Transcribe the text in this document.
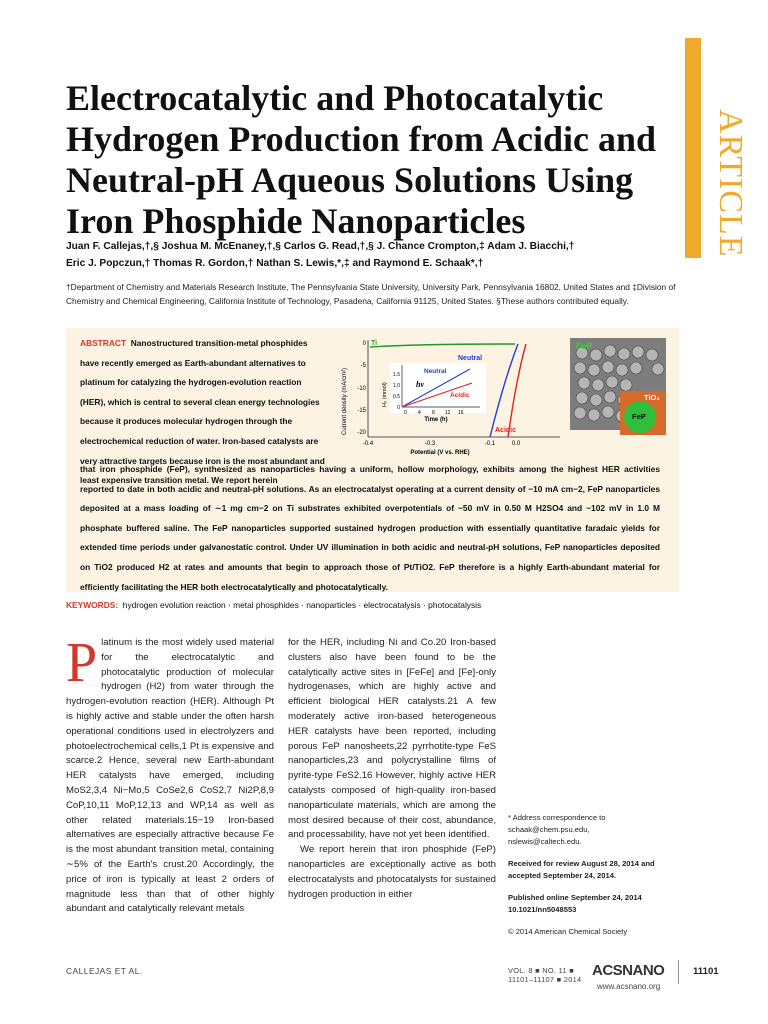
ARTICLE
Electrocatalytic and Photocatalytic Hydrogen Production from Acidic and Neutral-pH Aqueous Solutions Using Iron Phosphide Nanoparticles
Juan F. Callejas,†,§ Joshua M. McEnaney,†,§ Carlos G. Read,†,§ J. Chance Crompton,‡ Adam J. Biacchi,†
Eric J. Popczun,† Thomas R. Gordon,† Nathan S. Lewis,*,‡ and Raymond E. Schaak*,†
†Department of Chemistry and Materials Research Institute, The Pennsylvania State University, University Park, Pennsylvania 16802, United States and ‡Division of Chemistry and Chemical Engineering, California Institute of Technology, Pasadena, California 91125, United States. §These authors contributed equally.
ABSTRACT Nanostructured transition-metal phosphides have recently emerged as Earth-abundant alternatives to platinum for catalyzing the hydrogen-evolution reaction (HER), which is central to several clean energy technologies because it produces molecular hydrogen through the electrochemical reduction of water. Iron-based catalysts are very attractive targets because iron is the most abundant and least expensive transition metal. We report herein
that iron phosphide (FeP), synthesized as nanoparticles having a uniform, hollow morphology, exhibits among the highest HER activities reported to date in both acidic and neutral-pH solutions. As an electrocatalyst operating at a current density of −10 mA cm−2, FeP nanoparticles deposited at a mass loading of ∼1 mg cm−2 on Ti substrates exhibited overpotentials of −50 mV in 0.50 M H2SO4 and −102 mV in 1.0 M phosphate buffered saline. The FeP nanoparticles supported sustained hydrogen production with essentially quantitative faradaic yields for extended time periods under galvanostatic control. Under UV illumination in both acidic and neutral-pH solutions, FeP nanoparticles deposited on TiO2 produced H2 at rates and amounts that begin to approach those of Pt/TiO2. FeP therefore is a highly Earth-abundant material for efficiently facilitating the HER both electrocatalytically and photocatalytically.
Current density (mA/cm²)
0
-5
-10
-15
-20
-0.4	-0.3	-0.1	0.0
Potential (V vs. RHE)
Ti
Neutral
Acidic
H₂ (mmol)
1.5
1.0
0.5
0
0 4 8 12 16
Time (h)
Neutral
Acidic
hv
FeP
TiO₂
FeP
KEYWORDS: hydrogen evolution reaction · metal phosphides · nanoparticles · electrocatalysis · photocatalysis
Platinum is the most widely used material for the electrocatalytic and photocatalytic production of molecular hydrogen (H2) from water through the hydrogen-evolution reaction (HER). Although Pt is highly active and stable under the often harsh operational conditions used in electrolyzers and photoelectrochemical cells,1 Pt is expensive and scarce.2 Hence, several new Earth-abundant HER catalysts have emerged, including MoS2,3,4 Ni−Mo,5 CoSe2,6 CoS2,7 Ni2P,8,9 CoP,10,11 MoP,12,13 and WP,14 as well as other related materials.15−19 Iron-based alternatives are especially attractive because Fe is the most abundant transition metal, containing ∼5% of the Earth's crust.20 Accordingly, the price of iron is typically at least 2 orders of magnitude less than that of other highly abundant and catalytically relevant metals

for the HER, including Ni and Co.20 Iron-based clusters also have been found to be the catalytically active sites in [FeFe] and [Fe]-only hydrogenases, which are highly active and efficient biological HER catalysts.21 A few moderately active iron-based heterogeneous HER catalysts have been reported, including porous FeP nanosheets,22 pyrrhotite-type FeS nanoparticles,23 and polycrystalline films of pyrite-type FeS2.16 However, highly active HER catalysts composed of high-quality iron-based nanoparticulate materials, which are among the most desired because of their cost, abundance, and processability, have not yet been identified.

We report herein that iron phosphide (FeP) nanoparticles are exceptionally active as both electrocatalysts and photocatalysts for sustained hydrogen production in either

* Address correspondence to
schaak@chem.psu.edu,
nslewis@caltech.edu.

Received for review August 28, 2014 and accepted September 24, 2014.

Published online September 24, 2014
10.1021/nn5048553

© 2014 American Chemical Society

CALLEJAS ET AL.	VOL. 8 ■ NO. 11 ■ 11101–11107 ■ 2014
ACSNANO	11101
www.acsnano.org
